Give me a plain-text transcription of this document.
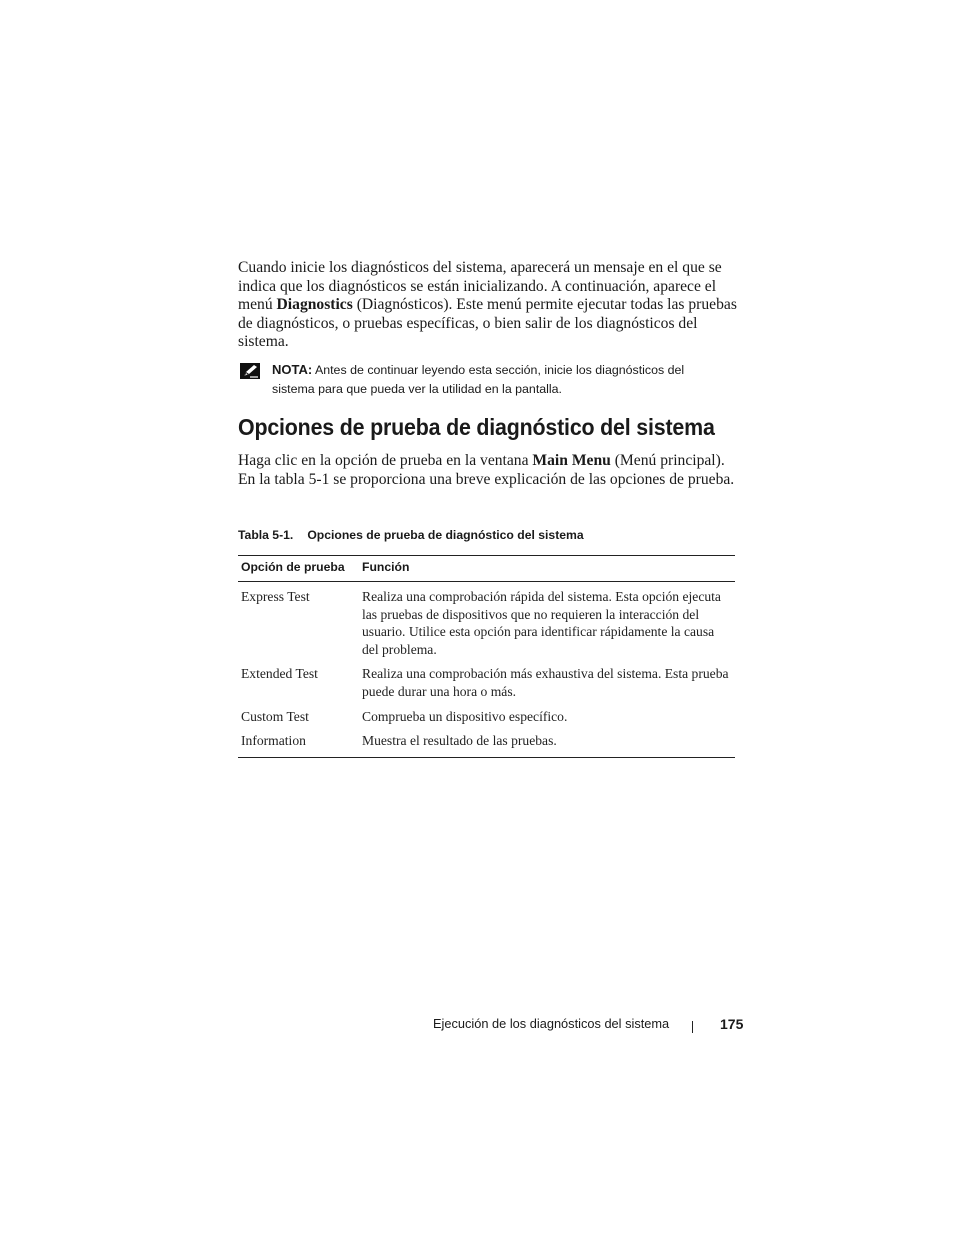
Cuando inicie los diagnósticos del sistema, aparecerá un mensaje en el que se indica que los diagnósticos se están inicializando. A continuación, aparece el menú Diagnostics (Diagnósticos). Este menú permite ejecutar todas las pruebas de diagnósticos, o pruebas específicas, o bien salir de los diagnósticos del sistema.

NOTA: Antes de continuar leyendo esta sección, inicie los diagnósticos del sistema para que pueda ver la utilidad en la pantalla.

Opciones de prueba de diagnóstico del sistema

Haga clic en la opción de prueba en la ventana Main Menu (Menú principal). En la tabla 5-1 se proporciona una breve explicación de las opciones de prueba.

Tabla 5-1. Opciones de prueba de diagnóstico del sistema

Opción de prueba	Función
Express Test	Realiza una comprobación rápida del sistema. Esta opción ejecuta las pruebas de dispositivos que no requieren la interacción del usuario. Utilice esta opción para identificar rápidamente la causa del problema.
Extended Test	Realiza una comprobación más exhaustiva del sistema. Esta prueba puede durar una hora o más.
Custom Test	Comprueba un dispositivo específico.
Information	Muestra el resultado de las pruebas.
Ejecución de los diagnósticos del sistema	175
